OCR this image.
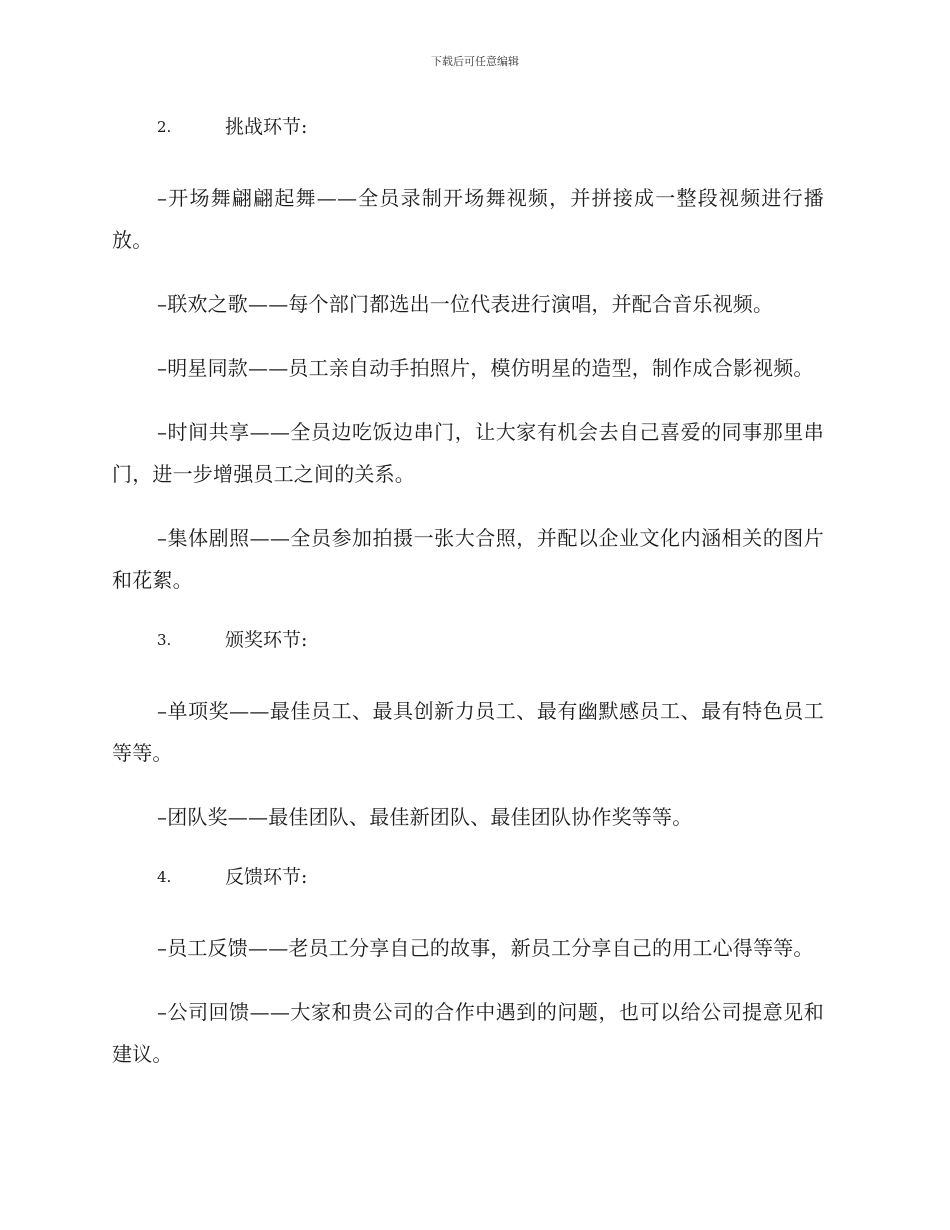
下载后可任意编辑
2.	挑战环节:

–开场舞翩翩起舞——全员录制开场舞视频，并拼接成一整段视频进行播放。

–联欢之歌——每个部门都选出一位代表进行演唱，并配合音乐视频。

–明星同款——员工亲自动手拍照片，模仿明星的造型，制作成合影视频。

–时间共享——全员边吃饭边串门，让大家有机会去自己喜爱的同事那里串门，进一步增强员工之间的关系。

–集体剧照——全员参加拍摄一张大合照，并配以企业文化内涵相关的图片和花絮。

3.	颁奖环节:

–单项奖——最佳员工、最具创新力员工、最有幽默感员工、最有特色员工等等。

–团队奖——最佳团队、最佳新团队、最佳团队协作奖等等。

4.	反馈环节:

–员工反馈——老员工分享自己的故事，新员工分享自己的用工心得等等。

–公司回馈——大家和贵公司的合作中遇到的问题，也可以给公司提意见和建议。
